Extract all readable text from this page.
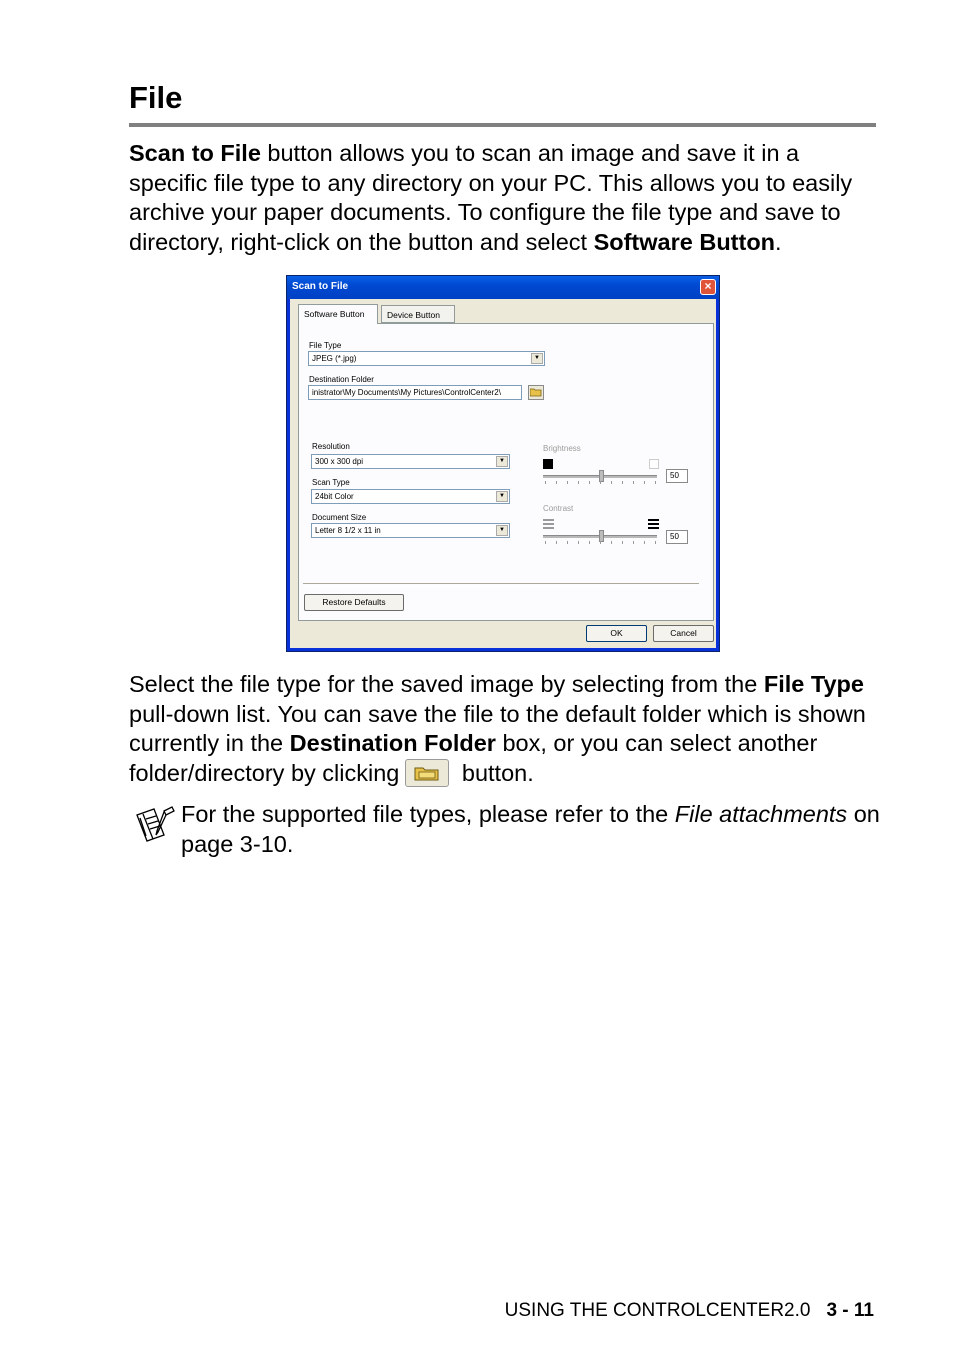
File

Scan to File button allows you to scan an image and save it in a specific file type to any directory on your PC. This allows you to easily archive your paper documents. To configure the file type and save to directory, right-click on the button and select Software Button.

Scan to File	×
Software Button	Device Button
File Type
JPEG (*.jpg)	▼
Destination Folder
inistrator\My Documents\My Pictures\ControlCenter2\
Resolution
300 x 300 dpi	▼
Scan Type
24bit Color	▼
Document Size
Letter 8 1/2 x 11 in	▼
Brightness
50
Contrast
50
Restore Defaults
OK	Cancel

Select the file type for the saved image by selecting from the File Type pull-down list. You can save the file to the default folder which is shown currently in the Destination Folder box, or you can select another folder/directory by clicking
button.

For the supported file types, please refer to the File attachments on page 3-10.

USING THE CONTROLCENTER2.0 3 - 11
